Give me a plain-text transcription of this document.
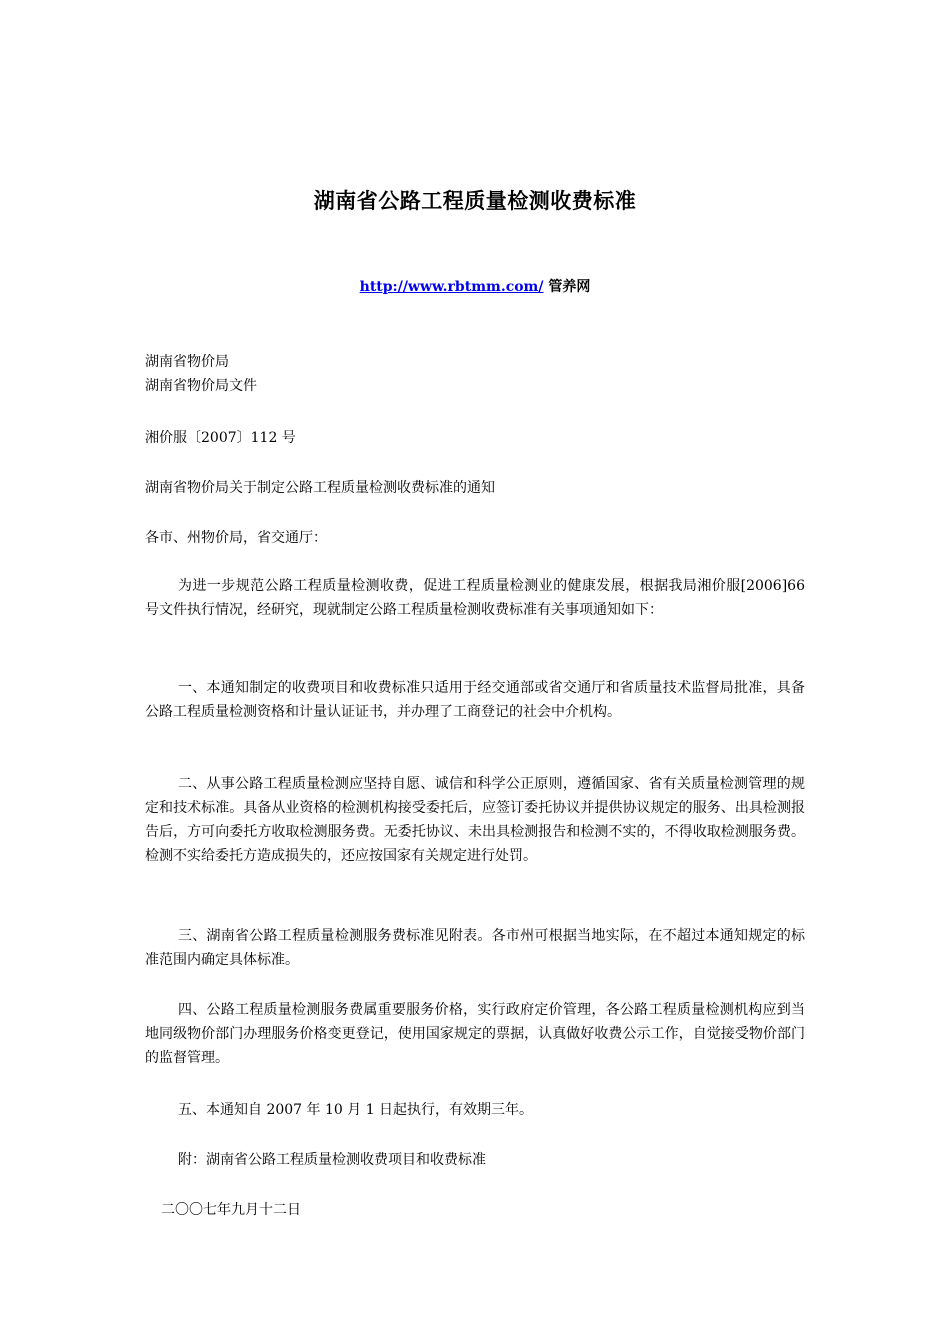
湖南省公路工程质量检测收费标准
http://www.rbtmm.com/ 管养网
湖南省物价局
湖南省物价局文件
湘价服〔2007〕112 号
湖南省物价局关于制定公路工程质量检测收费标准的通知
各市、州物价局，省交通厅：
为进一步规范公路工程质量检测收费，促进工程质量检测业的健康发展，根据我局湘价服[2006]66 号文件执行情况，经研究，现就制定公路工程质量检测收费标准有关事项通知如下：
一、本通知制定的收费项目和收费标准只适用于经交通部或省交通厅和省质量技术监督局批准，具备公路工程质量检测资格和计量认证证书，并办理了工商登记的社会中介机构。
二、从事公路工程质量检测应坚持自愿、诚信和科学公正原则，遵循国家、省有关质量检测管理的规定和技术标准。具备从业资格的检测机构接受委托后，应签订委托协议并提供协议规定的服务、出具检测报告后，方可向委托方收取检测服务费。无委托协议、未出具检测报告和检测不实的，不得收取检测服务费。检测不实给委托方造成损失的，还应按国家有关规定进行处罚。
三、湖南省公路工程质量检测服务费标准见附表。各市州可根据当地实际，在不超过本通知规定的标准范围内确定具体标准。
四、公路工程质量检测服务费属重要服务价格，实行政府定价管理，各公路工程质量检测机构应到当地同级物价部门办理服务价格变更登记，使用国家规定的票据，认真做好收费公示工作，自觉接受物价部门的监督管理。
五、本通知自 2007 年 10 月 1 日起执行，有效期三年。
附：湖南省公路工程质量检测收费项目和收费标准
二〇〇七年九月十二日
